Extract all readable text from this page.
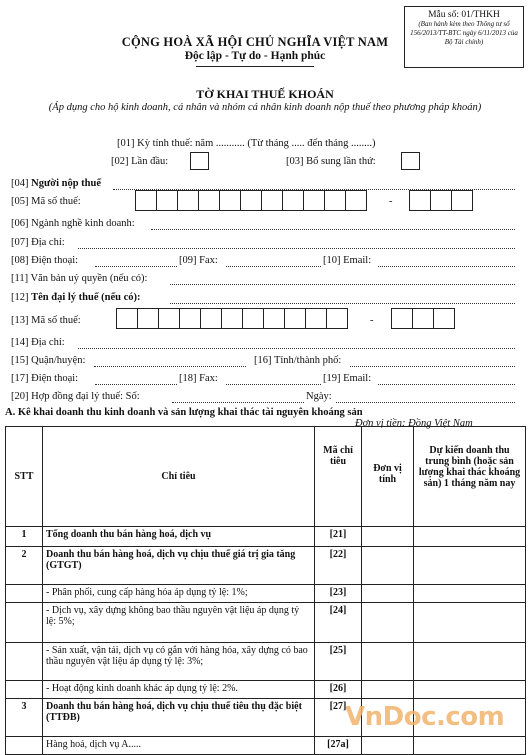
Mẫu số: 01/THKH
(Ban hành kèm theo Thông tư số 156/2013/TT-BTC ngày 6/11/2013 của Bộ Tài chính)
CỘNG HOÀ XÃ HỘI CHỦ NGHĨA VIỆT NAM
Độc lập - Tự do - Hạnh phúc
TỜ KHAI THUẾ KHOÁN
(Áp dụng cho hộ kinh doanh, cá nhân và nhóm cá nhân kinh doanh nộp thuế theo phương pháp khoán)
[01] Kỳ tính thuế: năm ........... (Từ tháng ..... đến tháng ........)
[02] Lần đầu:	[03] Bổ sung lần thứ:
[04] Người nộp thuế
[05] Mã số thuế:	-
[06] Ngành nghề kinh doanh:
[07] Địa chỉ:
[08] Điện thoại:	[09] Fax:	[10] Email:
[11] Văn bản uỷ quyền (nếu có):
[12] Tên đại lý thuế (nếu có):
[13] Mã số thuế:	-
[14] Địa chỉ:
[15] Quận/huyện:	[16] Tỉnh/thành phố:
[17] Điện thoại:	[18] Fax:	[19] Email:
[20] Hợp đồng đại lý thuế: Số:	Ngày:
A. Kê khai doanh thu kinh doanh và sản lượng khai thác tài nguyên khoáng sản
Đơn vị tiền: Đồng Việt Nam
STT	Chỉ tiêu	Mã chỉ tiêu	Đơn vị tính	Dự kiến doanh thu trung bình (hoặc sản lượng khai thác khoáng sản) 1 tháng năm nay
1	Tổng doanh thu bán hàng hoá, dịch vụ	[21]		
2	Doanh thu bán hàng hoá, dịch vụ chịu thuế giá trị gia tăng (GTGT)	[22]		
	- Phân phối, cung cấp hàng hóa áp dụng tỷ lệ: 1%;	[23]		
	- Dịch vụ, xây dựng không bao thầu nguyên vật liệu áp dụng tỷ lệ: 5%;	[24]		
	- Sản xuất, vận tải, dịch vụ có gắn với hàng hóa, xây dựng có bao thầu nguyên vật liệu áp dụng tỷ lệ: 3%;	[25]		
	- Hoạt động kinh doanh khác áp dụng tỷ lệ: 2%.	[26]		
3	Doanh thu bán hàng hoá, dịch vụ chịu thuế tiêu thụ đặc biệt (TTĐB)	[27]		
	Hàng hoá, dịch vụ A.....	[27a]		
VnDoc.com
